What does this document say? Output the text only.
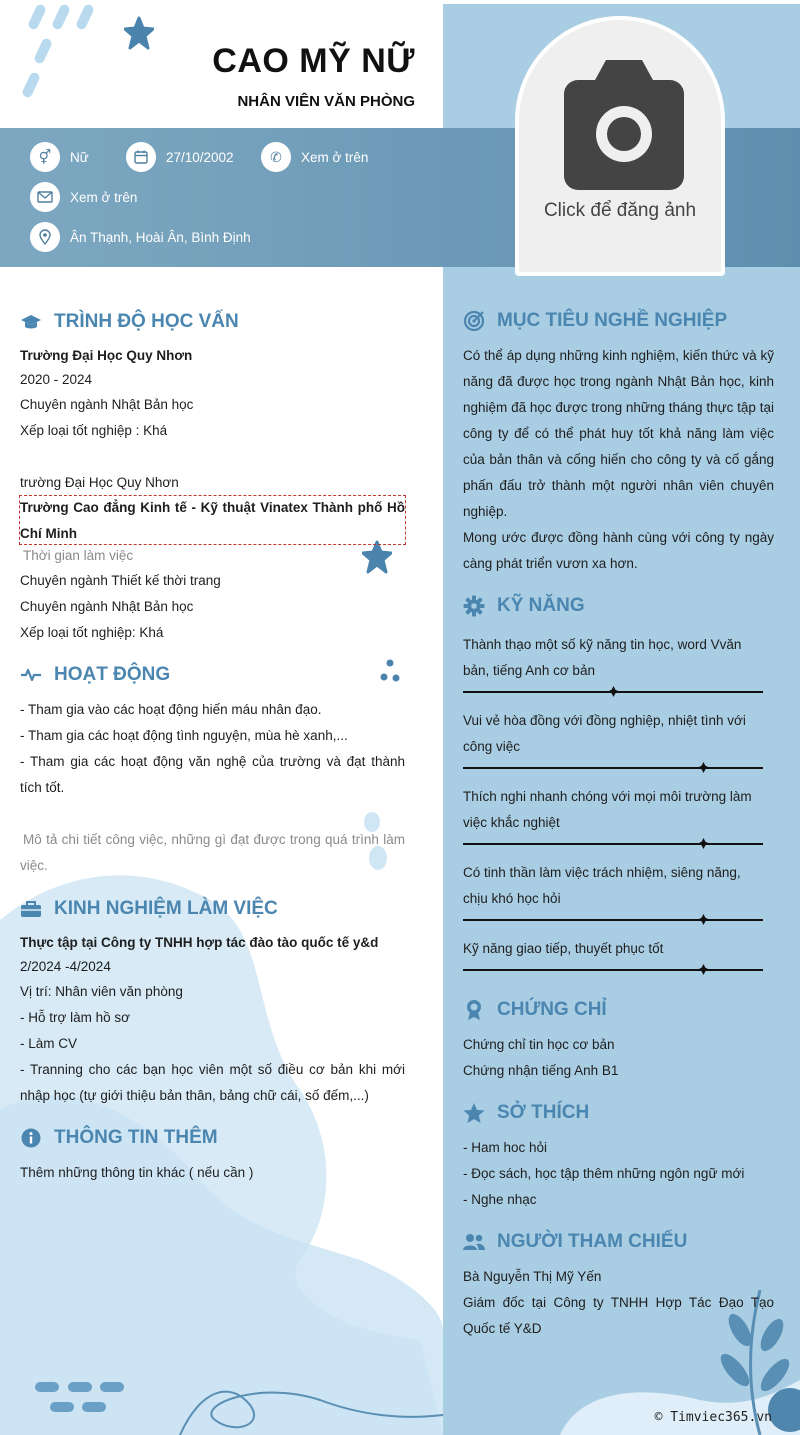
CAO MỸ NỮ
NHÂN VIÊN VĂN PHÒNG
⚥	Nữ	27/10/2002	✆	Xem ở trên
Xem ở trên
Ân Thạnh, Hoài Ân, Bình Định
Click để đăng ảnh
TRÌNH ĐỘ HỌC VẤN
Trường Đại Học Quy Nhơn
2020 - 2024
Chuyên ngành Nhật Bản học
Xếp loại tốt nghiệp : Khá
trường Đại Học Quy Nhơn
Trường Cao đẳng Kinh tế - Kỹ thuật Vinatex Thành phố Hồ Chí Minh
Thời gian làm việc
Chuyên ngành Thiết kế thời trang
Chuyên ngành Nhật Bản học
Xếp loại tốt nghiệp: Khá
HOẠT ĐỘNG
- Tham gia vào các hoạt động hiến máu nhân đạo.
- Tham gia các hoạt động tình nguyện, mùa hè xanh,...
- Tham gia các hoạt động văn nghệ của trường và đạt thành tích tốt.
Mô tả chi tiết công việc, những gì đạt được trong quá trình làm việc.
KINH NGHIỆM LÀM VIỆC
Thực tập tại Công ty TNHH hợp tác đào tào quốc tế y&d
2/2024 -4/2024
Vị trí: Nhân viên văn phòng
- Hỗ trợ làm hồ sơ
- Làm CV
- Tranning cho các bạn học viên một số điều cơ bản khi mới nhập học (tự giới thiệu bản thân, bảng chữ cái, số đếm,...)
THÔNG TIN THÊM
Thêm những thông tin khác ( nếu cần )
MỤC TIÊU NGHỀ NGHIỆP
Có thể áp dụng những kinh nghiệm, kiến thức và kỹ năng đã được học trong ngành Nhật Bản học, kinh nghiệm đã học được trong những tháng thực tập tại công ty để có thể phát huy tốt khả năng làm việc của bản thân và cống hiến cho công ty và cố gắng phấn đấu trở thành một người nhân viên chuyên nghiệp.
Mong ước được đồng hành cùng với công ty ngày càng phát triển vươn xa hơn.
KỸ NĂNG
Thành thạo một số kỹ năng tin học, word Vvăn bản, tiếng Anh cơ bản
Vui vẻ hòa đồng với đồng nghiệp, nhiệt tình với công việc
Thích nghi nhanh chóng với mọi môi trường làm việc khắc nghiệt
Có tinh thần làm việc trách nhiệm, siêng năng, chịu khó học hỏi
Kỹ năng giao tiếp, thuyết phục tốt
CHỨNG CHỈ
Chứng chỉ tin học cơ bản
Chứng nhận tiếng Anh B1
SỞ THÍCH
- Ham hoc hỏi
- Đọc sách, học tập thêm những ngôn ngữ mới
- Nghe nhạc
NGƯỜI THAM CHIẾU
Bà Nguyễn Thị Mỹ Yến
Giám đốc tại Công ty TNHH Hợp Tác Đạo Tạo Quốc tế Y&D
© Timviec365.vn
